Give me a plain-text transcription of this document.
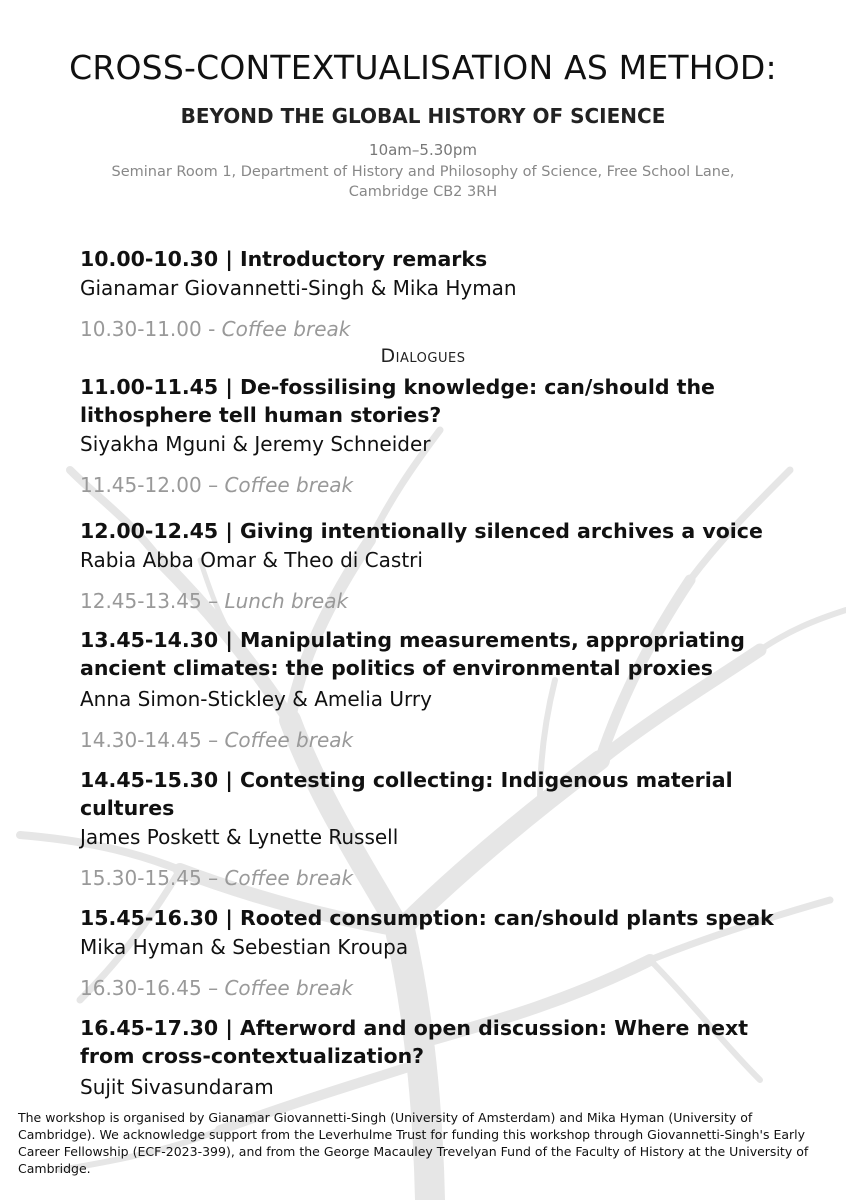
CROSS-CONTEXTUALISATION AS METHOD:
BEYOND THE GLOBAL HISTORY OF SCIENCE

10am–5.30pm

Seminar Room 1, Department of History and Philosophy of Science, Free School Lane, Cambridge CB2 3RH

10.00-10.30 | Introductory remarks

Gianamar Giovannetti-Singh & Mika Hyman

10.30-11.00 - Coffee break

Dialogues

11.00-11.45 | De-fossilising knowledge: can/should the lithosphere tell human stories?

Siyakha Mguni & Jeremy Schneider

11.45-12.00 – Coffee break

12.00-12.45 | Giving intentionally silenced archives a voice

Rabia Abba Omar & Theo di Castri

12.45-13.45 – Lunch break

13.45-14.30 | Manipulating measurements, appropriating ancient climates: the politics of environmental proxies

Anna Simon-Stickley & Amelia Urry

14.30-14.45 – Coffee break

14.45-15.30 | Contesting collecting: Indigenous material cultures

James Poskett & Lynette Russell

15.30-15.45 – Coffee break

15.45-16.30 | Rooted consumption: can/should plants speak

Mika Hyman & Sebestian Kroupa

16.30-16.45 – Coffee break

16.45-17.30 | Afterword and open discussion: Where next from cross-contextualization?

Sujit Sivasundaram

The workshop is organised by Gianamar Giovannetti-Singh (University of Amsterdam) and Mika Hyman (University of Cambridge). We acknowledge support from the Leverhulme Trust for funding this workshop through Giovannetti-Singh's Early Career Fellowship (ECF-2023-399), and from the George Macauley Trevelyan Fund of the Faculty of History at the University of Cambridge.
